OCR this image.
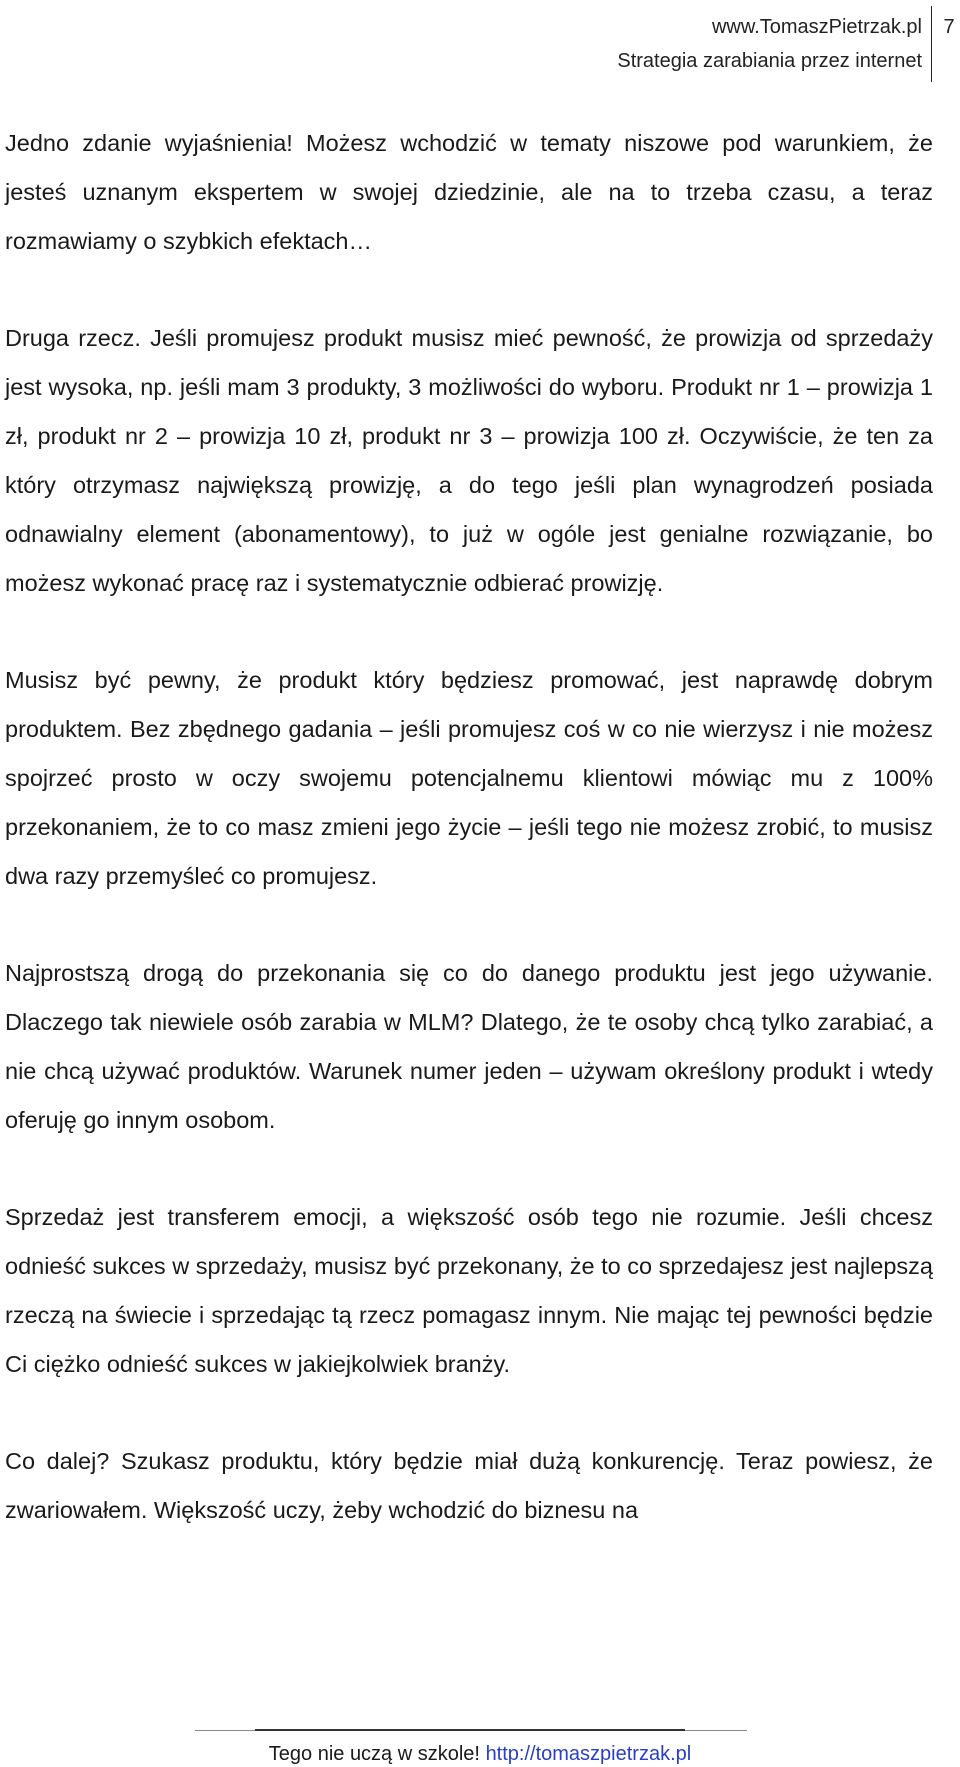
www.TomaszPietrzak.pl
Strategia zarabiania przez internet
7

Jedno zdanie wyjaśnienia! Możesz wchodzić w tematy niszowe pod warunkiem, że jesteś uznanym ekspertem w swojej dziedzinie, ale na to trzeba czasu, a teraz rozmawiamy o szybkich efektach…

Druga rzecz. Jeśli promujesz produkt musisz mieć pewność, że prowizja od sprzedaży jest wysoka, np. jeśli mam 3 produkty, 3 możliwości do wyboru. Produkt nr 1 – prowizja 1 zł, produkt nr 2 – prowizja 10 zł, produkt nr 3 – prowizja 100 zł. Oczywiście, że ten za który otrzymasz największą prowizję, a do tego jeśli plan wynagrodzeń posiada odnawialny element (abonamentowy), to już w ogóle jest genialne rozwiązanie, bo możesz wykonać pracę raz i systematycznie odbierać prowizję.

Musisz być pewny, że produkt który będziesz promować, jest naprawdę dobrym produktem. Bez zbędnego gadania – jeśli promujesz coś w co nie wierzysz i nie możesz spojrzeć prosto w oczy swojemu potencjalnemu klientowi mówiąc mu z 100% przekonaniem, że to co masz zmieni jego życie – jeśli tego nie możesz zrobić, to musisz dwa razy przemyśleć co promujesz.

Najprostszą drogą do przekonania się co do danego produktu jest jego używanie. Dlaczego tak niewiele osób zarabia w MLM? Dlatego, że te osoby chcą tylko zarabiać, a nie chcą używać produktów. Warunek numer jeden – używam określony produkt i wtedy oferuję go innym osobom.

Sprzedaż jest transferem emocji, a większość osób tego nie rozumie. Jeśli chcesz odnieść sukces w sprzedaży, musisz być przekonany, że to co sprzedajesz jest najlepszą rzeczą na świecie i sprzedając tą rzecz pomagasz innym. Nie mając tej pewności będzie Ci ciężko odnieść sukces w jakiejkolwiek branży.

Co dalej? Szukasz produktu, który będzie miał dużą konkurencję. Teraz powiesz, że zwariowałem. Większość uczy, żeby wchodzić do biznesu na

Tego nie uczą w szkole! http://tomaszpietrzak.pl
